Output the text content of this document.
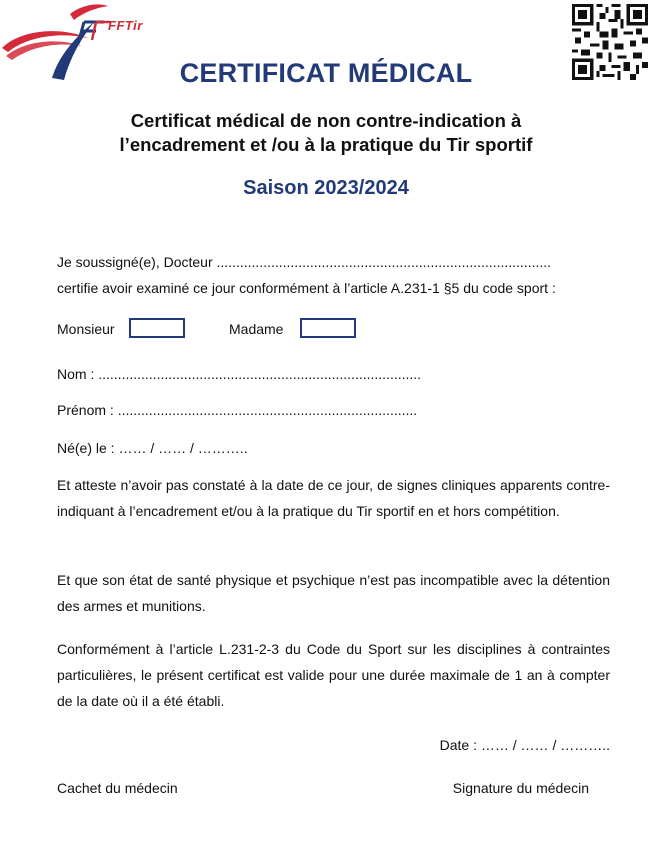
FFTir
CERTIFICAT MÉDICAL
Certificat médical de non contre-indication à
l’encadrement et /ou à la pratique du Tir sportif
Saison 2023/2024

Je soussigné(e), Docteur ......................................................................................

certifie avoir examiné ce jour conformément à l’article A.231-1 §5 du code sport :

Monsieur	Madame

Nom : ...................................................................................

Prénom : .............................................................................

Né(e) le : …… / …… / ………..

Et atteste n’avoir pas constaté à la date de ce jour, de signes cliniques apparents contre-indiquant à l’encadrement et/ou à la pratique du Tir sportif en et hors compétition.

Et que son état de santé physique et psychique n’est pas incompatible avec la détention des armes et munitions.

Conformément à l’article L.231-2-3 du Code du Sport sur les disciplines à contraintes particulières, le présent certificat est valide pour une durée maximale de 1 an à compter de la date où il a été établi.

Date : …… / …… / ………..

Cachet du médecin	Signature du médecin
